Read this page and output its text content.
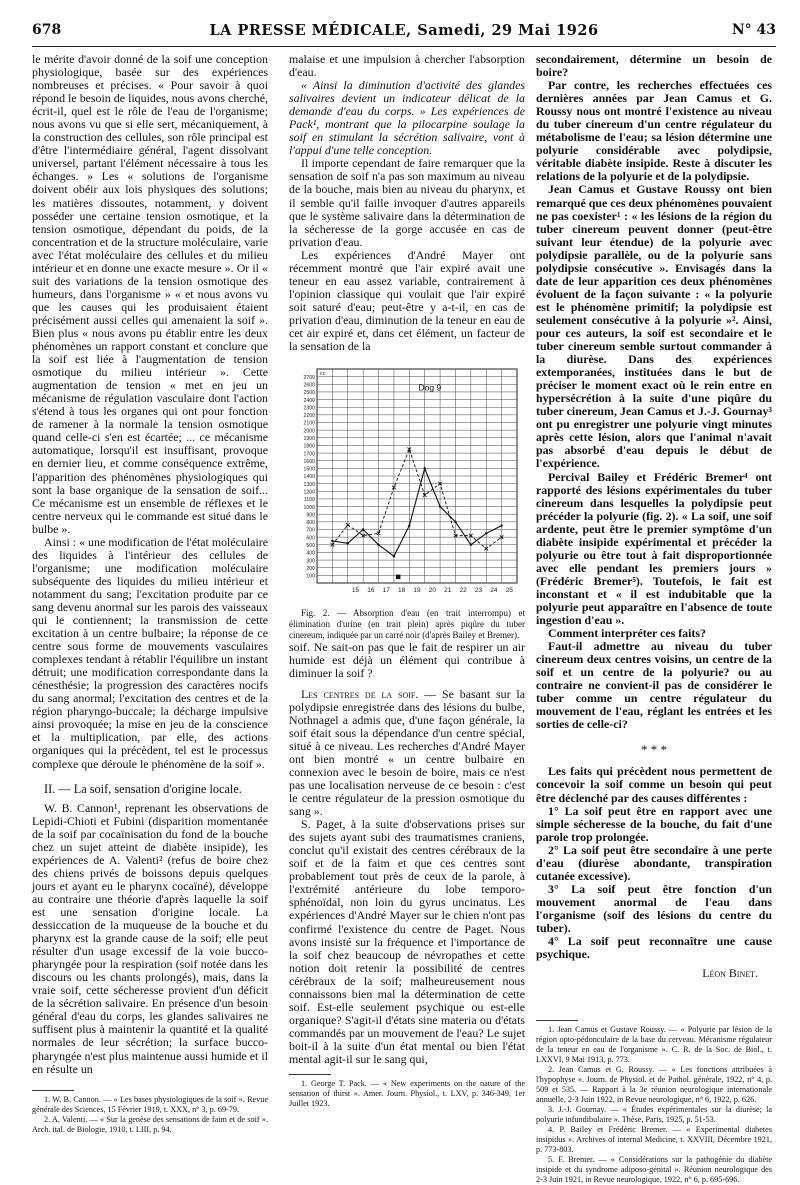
678	LA PRESSE MÉDICALE, Samedi, 29 Mai 1926	N° 43

le mérite d'avoir donné de la soif une conception physiologique, basée sur des expériences nombreuses et précises. « Pour savoir à quoi répond le besoin de liquides, nous avons cherché, écrit-il, quel est le rôle de l'eau de l'organisme; nous avons vu que si elle sert, mécaniquement, à la construction des cellules, son rôle principal est d'être l'intermédiaire général, l'agent dissolvant universel, partant l'élément nécessaire à tous les échanges. » Les « solutions de l'organisme doivent obéir aux lois physiques des solutions; les matières dissoutes, notamment, y doivent posséder une certaine tension osmotique, et la tension osmotique, dépendant du poids, de la concentration et de la structure moléculaire, varie avec l'état moléculaire des cellules et du milieu intérieur et en donne une exacte mesure ». Or il « suit des variations de la tension osmotique des humeurs, dans l'organisme » « et nous avons vu que les causes qui les produisaient étaient précisément aussi celles qui amenaient la soif ». Bien plus « nous avons pu établir entre les deux phénomènes un rapport constant et conclure que la soif est liée à l'augmentation de tension osmotique du milieu intérieur ». Cette augmentation de tension « met en jeu un mécanisme de régulation vasculaire dont l'action s'étend à tous les organes qui ont pour fonction de ramener à la normale la tension osmotique quand celle-ci s'en est écartée; ... ce mécanisme automatique, lorsqu'il est insuffisant, provoque en dernier lieu, et comme conséquence extrême, l'apparition des phénomènes physiologiques qui sont la base organique de la sensation de soif... Ce mécanisme est un ensemble de réflexes et le centre nerveux qui le commande est situé dans le bulbe ».

Ainsi : « une modification de l'état moléculaire des liquides à l'intérieur des cellules de l'organisme; une modification moléculaire subséquente des liquides du milieu intérieur et notamment du sang; l'excitation produite par ce sang devenu anormal sur les parois des vaisseaux qui le contiennent; la transmission de cette excitation à un centre bulbaire; la réponse de ce centre sous forme de mouvements vasculaires complexes tendant à rétablir l'équilibre un instant détruit; une modification correspondante dans la cénesthésie; la progression des caractères nocifs du sang anormal; l'excitation des centres et de la région pharyngo-buccale; la décharge impulsive ainsi provoquée; la mise en jeu de la conscience et la multiplication, par elle, des actions organiques qui la précèdent, tel est le processus complexe que déroule le phénomène de la soif ».

II. — La soif, sensation d'origine locale.

W. B. Cannon¹, reprenant les observations de Lepidi-Chioti et Fubini (disparition momentanée de la soif par cocaïnisation du fond de la bouche chez un sujet atteint de diabète insipide), les expériences de A. Valenti² (refus de boire chez des chiens privés de boissons depuis quelques jours et ayant eu le pharynx cocaïné), développe au contraire une théorie d'après laquelle la soif est une sensation d'origine locale. La dessiccation de la muqueuse de la bouche et du pharynx est la grande cause de la soif; elle peut résulter d'un usage excessif de la voie bucco-pharyngée pour la respiration (soif notée dans les discours ou les chants prolongés), mais, dans la vraie soif, cette sécheresse provient d'un déficit de la sécrétion salivaire. En présence d'un besoin général d'eau du corps, les glandes salivaires ne suffisent plus à maintenir la quantité et la qualité normales de leur sécrétion; la surface bucco-pharyngée n'est plus maintenue aussi humide et il en résulte un

1. W. B. Cannon. — « Les bases physiologiques de la soif ». Revue générale des Sciences, 15 Février 1919, t. XXX, n° 3, p. 69-79.

2. A. Valenti. — « Sur la genèse des sensations de faim et de soif ». Arch. ital. de Biologie, 1910, t. LIII, p. 94.

malaise et une impulsion à chercher l'absorption d'eau.

« Ainsi la diminution d'activité des glandes salivaires devient un indicateur délicat de la demande d'eau du corps. » Les expériences de Pack¹, montrant que la pilocarpine soulage la soif en stimulant la sécrétion salivaire, vont à l'appui d'une telle conception.

Il importe cependant de faire remarquer que la sensation de soif n'a pas son maximum au niveau de la bouche, mais bien au niveau du pharynx, et il semble qu'il faille invoquer d'autres appareils que le système salivaire dans la détermination de la sécheresse de la gorge accusée en cas de privation d'eau.

Les expériences d'André Mayer ont récemment montré que l'air expiré avait une teneur en eau assez variable, contrairement à l'opinion classique qui voulait que l'air expiré soit saturé d'eau; peut-être y a-t-il, en cas de privation d'eau, diminution de la teneur en eau de cet air expiré et, dans cet élément, un facteur de la sensation de la

100
200
300
400
500
600
700
800
900
1000
1100
1200
1300
1400
1500
1600
1700
1800
1900
2000
2100
2200
2300
2400
2500
2600
2700
cc
15 16 17 18 19 20 21 22 23 24 25
Dog 9

Fig. 2. — Absorption d'eau (en trait interrompu) et élimination d'urine (en trait plein) après piqûre du tuber cinereum, indiquée par un carré noir (d'après Bailey et Bremer).

soif. Ne sait-on pas que le fait de respirer un air humide est déjà un élément qui contribue à diminuer la soif ?

Les centres de la soif. — Se basant sur la polydipsie enregistrée dans des lésions du bulbe, Nothnagel a admis que, d'une façon générale, la soif était sous la dépendance d'un centre spécial, situé à ce niveau. Les recherches d'André Mayer ont bien montré « un centre bulbaire en connexion avec le besoin de boire, mais ce n'est pas une localisation nerveuse de ce besoin : c'est le centre régulateur de la pression osmotique du sang ».

S. Paget, à la suite d'observations prises sur des sujets ayant subi des traumatismes craniens, conclut qu'il existait des centres cérébraux de la soif et de la faim et que ces centres sont probablement tout près de ceux de la parole, à l'extrémité antérieure du lobe temporo-sphénoïdal, non loin du gyrus uncinatus. Les expériences d'André Mayer sur le chien n'ont pas confirmé l'existence du centre de Paget. Nous avons insisté sur la fréquence et l'importance de la soif chez beaucoup de névropathes et cette notion doit retenir la possibilité de centres cérébraux de la soif; malheureusement nous connaissons bien mal la détermination de cette soif. Est-elle seulement psychique ou est-elle organique? S'agit-il d'états sine materia ou d'états commandés par un mouvement de l'eau? Le sujet boit-il à la suite d'un état mental ou bien l'état mental agit-il sur le sang qui,

1. George T. Pack. — « New experiments on the nature of the sensation of thirst ». Amer. Journ. Physiol., t. LXV, p. 346-349, 1er Juillet 1923.

secondairement, détermine un besoin de boire?

Par contre, les recherches effectuées ces dernières années par Jean Camus et G. Roussy nous ont montré l'existence au niveau du tuber cinereum d'un centre régulateur du métabolisme de l'eau; sa lésion détermine une polyurie considérable avec polydipsie, véritable diabète insipide. Reste à discuter les relations de la polyurie et de la polydipsie.

Jean Camus et Gustave Roussy ont bien remarqué que ces deux phénomènes pouvaient ne pas coexister¹ : « les lésions de la région du tuber cinereum peuvent donner (peut-être suivant leur étendue) de la polyurie avec polydipsie parallèle, ou de la polyurie sans polydipsie consécutive ». Envisagés dans la date de leur apparition ces deux phénomènes évoluent de la façon suivante : « la polyurie est le phénomène primitif; la polydipsie est seulement consécutive à la polyurie »². Ainsi, pour ces auteurs, la soif est secondaire et le tuber cinereum semble surtout commander à la diurèse. Dans des expériences extemporanées, instituées dans le but de préciser le moment exact où le rein entre en hypersécrétion à la suite d'une piqûre du tuber cinereum, Jean Camus et J.-J. Gournay³ ont pu enregistrer une polyurie vingt minutes après cette lésion, alors que l'animal n'avait pas absorbé d'eau depuis le début de l'expérience.

Percival Bailey et Frédéric Bremer⁴ ont rapporté des lésions expérimentales du tuber cinereum dans lesquelles la polydipsie peut précéder la polyurie (fig. 2). « La soif, une soif ardente, peut être le premier symptôme d'un diabète insipide expérimental et précéder la polyurie ou être tout à fait disproportionnée avec elle pendant les premiers jours » (Frédéric Bremer⁵). Toutefois, le fait est inconstant et « il est indubitable que la polyurie peut apparaître en l'absence de toute ingestion d'eau ».

Comment interpréter ces faits?

Faut-il admettre au niveau du tuber cinereum deux centres voisins, un centre de la soif et un centre de la polyurie? ou au contraire ne convient-il pas de considérer le tuber comme un centre régulateur du mouvement de l'eau, réglant les entrées et les sorties de celle-ci?

* * *

Les faits qui précèdent nous permettent de concevoir la soif comme un besoin qui peut être déclenché par des causes différentes :

1° La soif peut être en rapport avec une simple sécheresse de la bouche, du fait d'une parole trop prolongée.

2° La soif peut être secondaire à une perte d'eau (diurèse abondante, transpiration cutanée excessive).

3° La soif peut être fonction d'un mouvement anormal de l'eau dans l'organisme (soif des lésions du centre du tuber).

4° La soif peut reconnaître une cause psychique.

Léon Binet.

1. Jean Camus et Gustave Roussy. — « Polyurie par lésion de la région opto-pédonculaire de la base du cerveau. Mécanisme régulateur de la teneur en eau de l'organisme ». C. R. de la Soc. de Biol., t. LXXVI, 9 Mai 1913, p. 773.

2. Jean Camus et G. Roussy. — « Les fonctions attribuées à l'hypophyse ». Journ. de Physiol. et de Pathol. générale, 1922, n° 4, p. 509 et 535. — Rapport à la 3e réunion neurologique internationale annuelle, 2-3 Juin 1922, in Revue neurologique, n° 6, 1922, p. 626.

3. J.-J. Gournay. — « Études expérimentales sur la diurèse; la polyurie infundibulaire ». Thèse, Paris, 1925, p. 51-53.

4. P. Bailey et Frédéric Bremer. — « Experimental diabetes insipidus ». Archives of internal Medicine, t. XXVIII, Décembre 1921, p. 773-803.

5. F. Bremer. — « Considérations sur la pathogénie du diabète insipide et du syndrome adiposo-génital ». Réunion neurologique des 2-3 Juin 1921, in Revue neurologique, 1922, n° 6, p. 695-696.
